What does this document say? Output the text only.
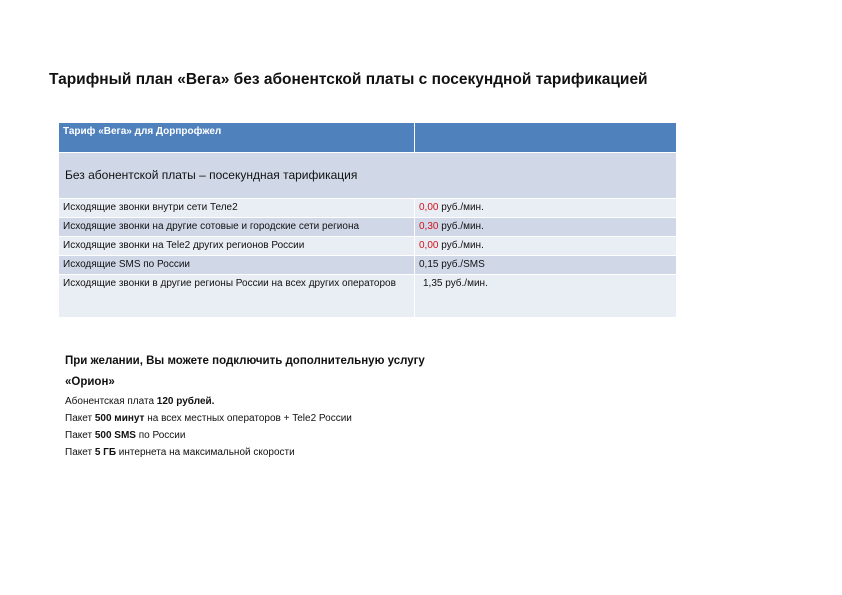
Тарифный план «Вега» без абонентской платы с посекундной тарификацией
Тариф «Вега» для Дорпрофжел	
Без абонентской платы – посекундная тарификация	
Исходящие звонки внутри сети Теле2	0,00 руб./мин.
Исходящие звонки на другие сотовые и городские сети региона	0,30 руб./мин.
Исходящие звонки на Tele2 других регионов России	0,00 руб./мин.
Исходящие SMS по России	0,15 руб./SMS
Исходящие звонки в другие регионы России на всех других операторов	1,35 руб./мин.
При желании, Вы можете подключить дополнительную услугу
«Орион»
Абонентская плата 120 рублей.
Пакет 500 минут на всех местных операторов + Tele2 России
Пакет 500 SMS по России
Пакет 5 ГБ интернета на максимальной скорости
